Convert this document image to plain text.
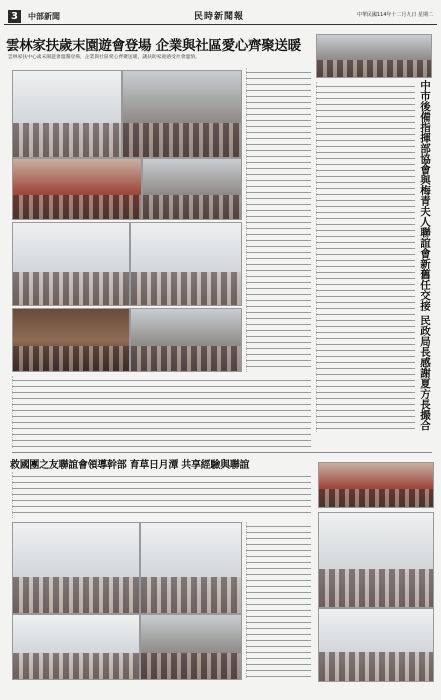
3	中部新聞	民時新聞報	中華民國114年十二月九日 星期二
雲林家扶歲末園遊會登場 企業與社區愛心齊聚送暖
雲林家扶中心歲末園遊會溫馨登場，企業與社區愛心齊聚送暖，讓扶助家庭感受社會溫情。
中市後備指揮部協會與梅青夫人聯誼會新舊任交接 民政局長感謝夏方長撮合
救國團之友聯誼會領導幹部 育草日月潭 共享經驗與聯誼
